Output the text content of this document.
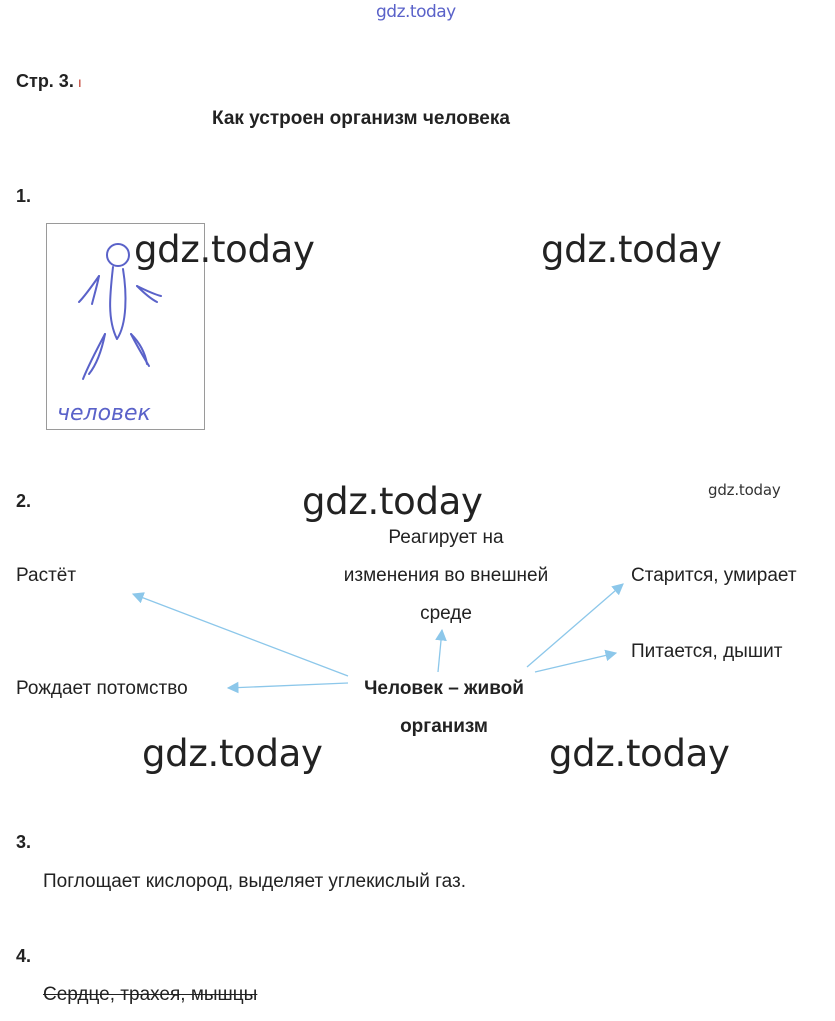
gdz.today
Стр. 3. ı
Как устроен организм человека
1.
человек
gdz.today	gdz.today
2.	gdz.today	gdz.today
Растёт
Рождает потомство
Реагирует на
изменения во внешней
среде
Старится, умирает
Питается, дышит
Человек – живой
организм
gdz.today	gdz.today
3.
Поглощает кислород, выделяет углекислый газ.
4.
Сердце, трахея, мышцы
